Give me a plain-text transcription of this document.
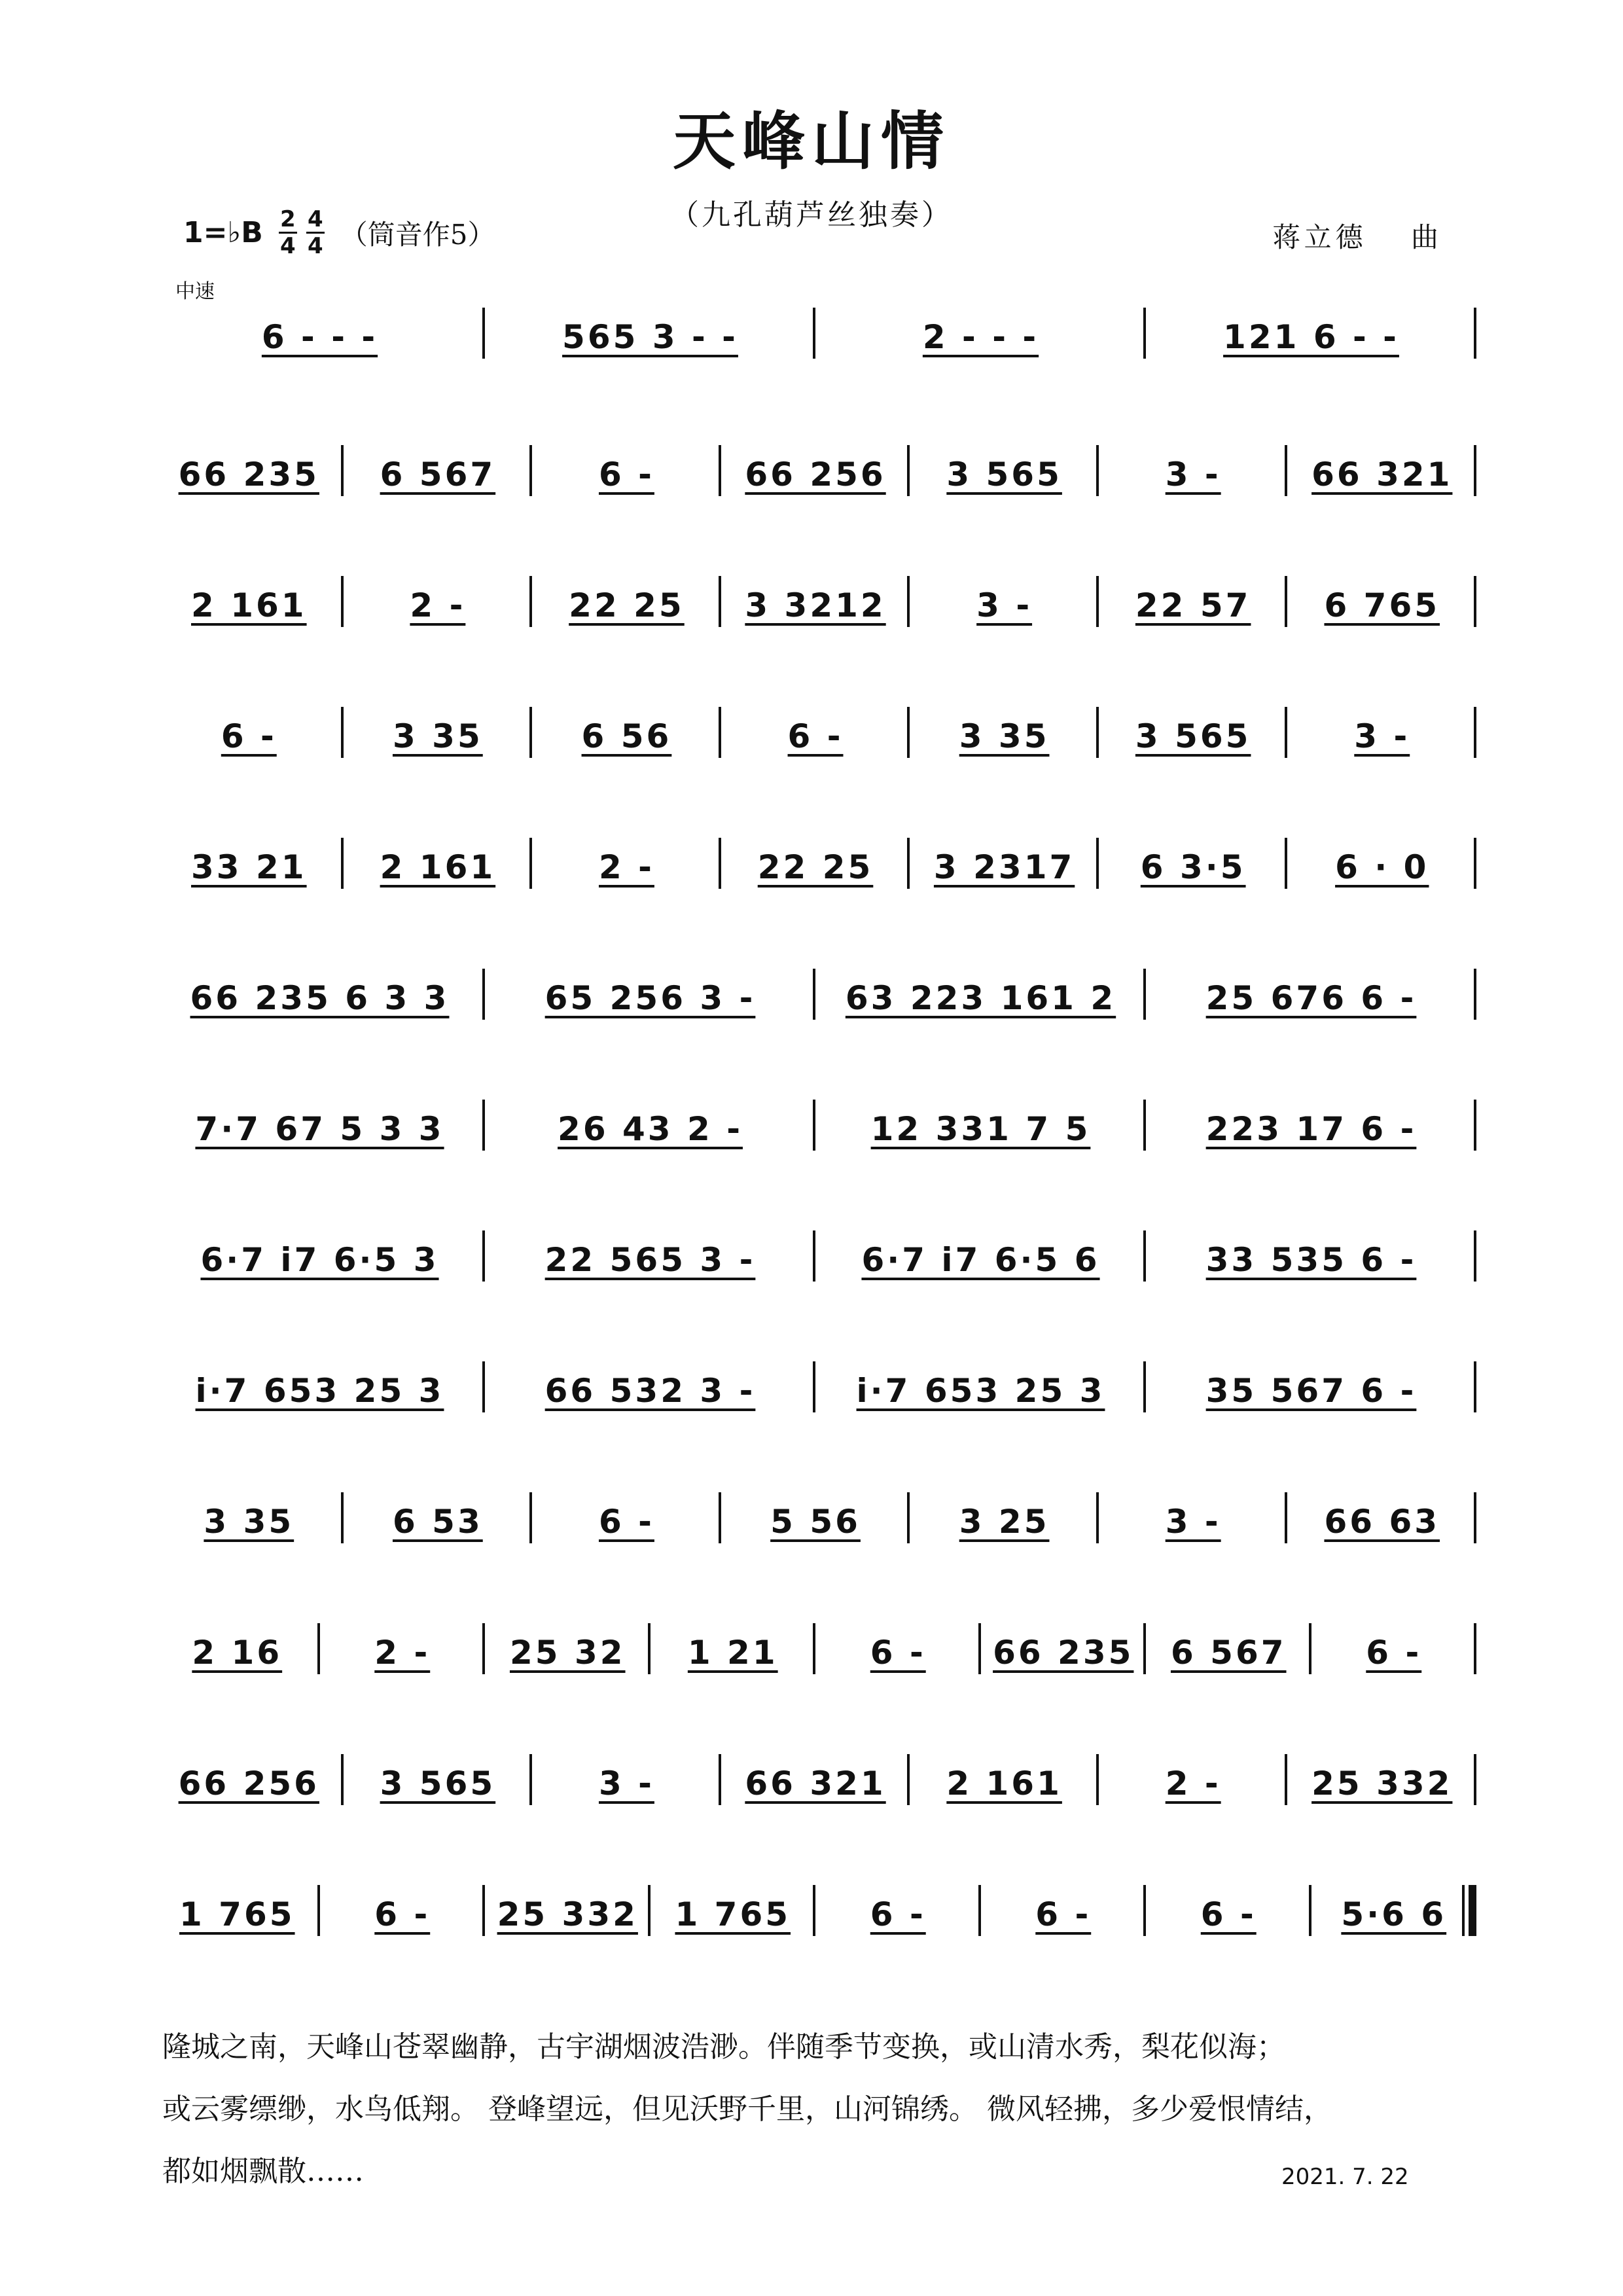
天峰山情
（九孔葫芦丝独奏）
1=♭B $\frac{2}{4} \frac{4}{4}$ （筒音作5）	蒋立德　 曲
中速
6 - - -	565 3 - -	2 - - -	121 6 - -
66 235	6 567	6 -	66 256	3 565	3 -	66 321
2 161	2 -	22 25	3 3212	3 -	22 57	6 765
6 -	3 35	6 56	6 -	3 35	3 565	3 -
33 21	2 161	2 -	22 25	3 2317	6 3·5	6 · 0
66 235 6 3 3	65 256 3 -	63 223 161 2	25 676 6 -
7·7 67 5 3 3	26 43 2 -	12 331 7 5	223 17 6 -
6·7 i7 6·5 3	22 565 3 -	6·7 i7 6·5 6	33 535 6 -
i·7 653 25 3	66 532 3 -	i·7 653 25 3	35 567 6 -
3 35	6 53	6 -	5 56	3 25	3 -	66 63
2 16	2 -	25 32	1 21	6 -	66 235	6 567	6 -
66 256	3 565	3 -	66 321	2 161	2 -	25 332
1 765	6 -	25 332	1 765	6 -	6 -	6 -	5·6 6
隆城之南，天峰山苍翠幽静，古宇湖烟波浩渺。伴随季节变换，或山清水秀，梨花似海；
或云雾缥缈，水鸟低翔。 登峰望远，但见沃野千里，山河锦绣。 微风轻拂，多少爱恨情结，
都如烟飘散……	2021. 7. 22
